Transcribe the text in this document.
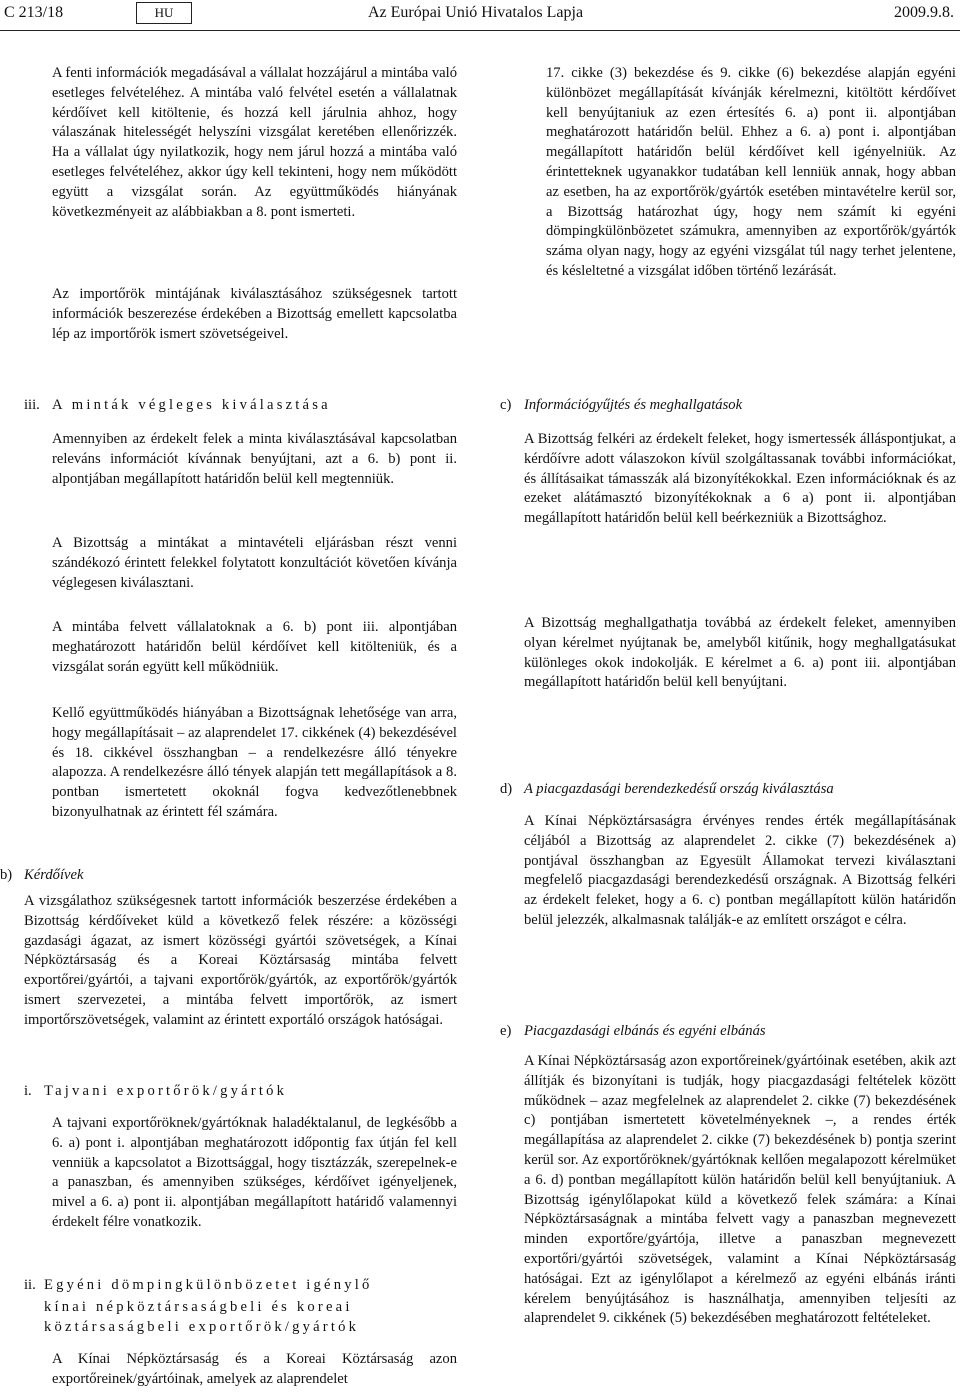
C 213/18	HU	Az Európai Unió Hivatalos Lapja	2009.9.8.

A fenti információk megadásával a vállalat hozzájárul a mintába való esetleges felvételéhez. A mintába való felvétel esetén a vállalatnak kérdőívet kell kitöltenie, és hozzá kell járulnia ahhoz, hogy válaszának hitelességét helyszíni vizsgálat keretében ellenőrizzék. Ha a vállalat úgy nyilatkozik, hogy nem járul hozzá a mintába való esetleges felvételéhez, akkor úgy kell tekinteni, hogy nem működött együtt a vizsgálat során. Az együttműködés hiányának következményeit az alábbiakban a 8. pont ismerteti.

Az importőrök mintájának kiválasztásához szükségesnek tartott információk beszerezése érdekében a Bizottság emellett kapcsolatba lép az importőrök ismert szövetségeivel.

iii. A minták végleges kiválasztása

Amennyiben az érdekelt felek a minta kiválasztásával kapcsolatban releváns információt kívánnak benyújtani, azt a 6. b) pont ii. alpontjában megállapított határidőn belül kell megtenniük.

A Bizottság a mintákat a mintavételi eljárásban részt venni szándékozó érintett felekkel folytatott konzultációt követően kívánja véglegesen kiválasztani.

A mintába felvett vállalatoknak a 6. b) pont iii. alpontjában meghatározott határidőn belül kérdőívet kell kitölteniük, és a vizsgálat során együtt kell működniük.

Kellő együttműködés hiányában a Bizottságnak lehetősége van arra, hogy megállapításait – az alaprendelet 17. cikkének (4) bekezdésével és 18. cikkével összhangban – a rendelkezésre álló tényekre alapozza. A rendelkezésre álló tények alapján tett megállapítások a 8. pontban ismertetett okoknál fogva kedvezőtlenebbnek bizonyulhatnak az érintett fél számára.

b) Kérdőívek

A vizsgálathoz szükségesnek tartott információk beszerzése érdekében a Bizottság kérdőíveket küld a következő felek részére: a közösségi gazdasági ágazat, az ismert közösségi gyártói szövetségek, a Kínai Népköztársaság és a Koreai Köztársaság mintába felvett exportőrei/gyártói, a tajvani exportőrök/gyártók, az exportőrök/gyártók ismert szervezetei, a mintába felvett importőrök, az ismert importőrszövetségek, valamint az érintett exportáló országok hatóságai.

i. Tajvani exportőrök/gyártók

A tajvani exportőröknek/gyártóknak haladéktalanul, de legkésőbb a 6. a) pont i. alpontjában meghatározott időpontig fax útján fel kell venniük a kapcsolatot a Bizottsággal, hogy tisztázzák, szerepelnek-e a panaszban, és amennyiben szükséges, kérdőívet igényeljenek, mivel a 6. a) pont ii. alpontjában megállapított határidő valamennyi érdekelt félre vonatkozik.

ii. Egyéni dömpingkülönbözetet igénylő
kínai népköztársaságbeli és koreai
köztársaságbeli exportőrök/gyártók

A Kínai Népköztársaság és a Koreai Köztársaság azon exportőreinek/gyártóinak, amelyek az alaprendelet

17. cikke (3) bekezdése és 9. cikke (6) bekezdése alapján egyéni különbözet megállapítását kívánják kérelmezni, kitöltött kérdőívet kell benyújtaniuk az ezen értesítés 6. a) pont ii. alpontjában meghatározott határidőn belül. Ehhez a 6. a) pont i. alpontjában megállapított határidőn belül kérdőívet kell igényelniük. Az érintetteknek ugyanakkor tudatában kell lenniük annak, hogy abban az esetben, ha az exportőrök/gyártók esetében mintavételre kerül sor, a Bizottság határozhat úgy, hogy nem számít ki egyéni dömpingkülönbözetet számukra, amennyiben az exportőrök/gyártók száma olyan nagy, hogy az egyéni vizsgálat túl nagy terhet jelentene, és késleltetné a vizsgálat időben történő lezárását.

c) Információgyűjtés és meghallgatások

A Bizottság felkéri az érdekelt feleket, hogy ismertessék álláspontjukat, a kérdőívre adott válaszokon kívül szolgáltassanak további információkat, és állításaikat támasszák alá bizonyítékokkal. Ezen információknak és az ezeket alátámasztó bizonyítékoknak a 6 a) pont ii. alpontjában megállapított határidőn belül kell beérkezniük a Bizottsághoz.

A Bizottság meghallgathatja továbbá az érdekelt feleket, amennyiben olyan kérelmet nyújtanak be, amelyből kitűnik, hogy meghallgatásukat különleges okok indokolják. E kérelmet a 6. a) pont iii. alpontjában megállapított határidőn belül kell benyújtani.

d) A piacgazdasági berendezkedésű ország kiválasztása

A Kínai Népköztársaságra érvényes rendes érték megállapításának céljából a Bizottság az alaprendelet 2. cikke (7) bekezdésének a) pontjával összhangban az Egyesült Államokat tervezi kiválasztani megfelelő piacgazdasági berendezkedésű országnak. A Bizottság felkéri az érdekelt feleket, hogy a 6. c) pontban megállapított külön határidőn belül jelezzék, alkalmasnak találják-e az említett országot e célra.

e) Piacgazdasági elbánás és egyéni elbánás

A Kínai Népköztársaság azon exportőreinek/gyártóinak esetében, akik azt állítják és bizonyítani is tudják, hogy piacgazdasági feltételek között működnek – azaz megfelelnek az alaprendelet 2. cikke (7) bekezdésének c) pontjában ismertetett követelményeknek –, a rendes érték megállapítása az alaprendelet 2. cikke (7) bekezdésének b) pontja szerint kerül sor. Az exportőröknek/gyártóknak kellően megalapozott kérelmüket a 6. d) pontban megállapított külön határidőn belül kell benyújtaniuk. A Bizottság igénylőlapokat küld a következő felek számára: a Kínai Népköztársaságnak a mintába felvett vagy a panaszban megnevezett minden exportőre/gyártója, illetve a panaszban megnevezett exportőri/gyártói szövetségek, valamint a Kínai Népköztársaság hatóságai. Ezt az igénylőlapot a kérelmező az egyéni elbánás iránti kérelem benyújtásához is használhatja, amennyiben teljesíti az alaprendelet 9. cikkének (5) bekezdésében meghatározott feltételeket.
